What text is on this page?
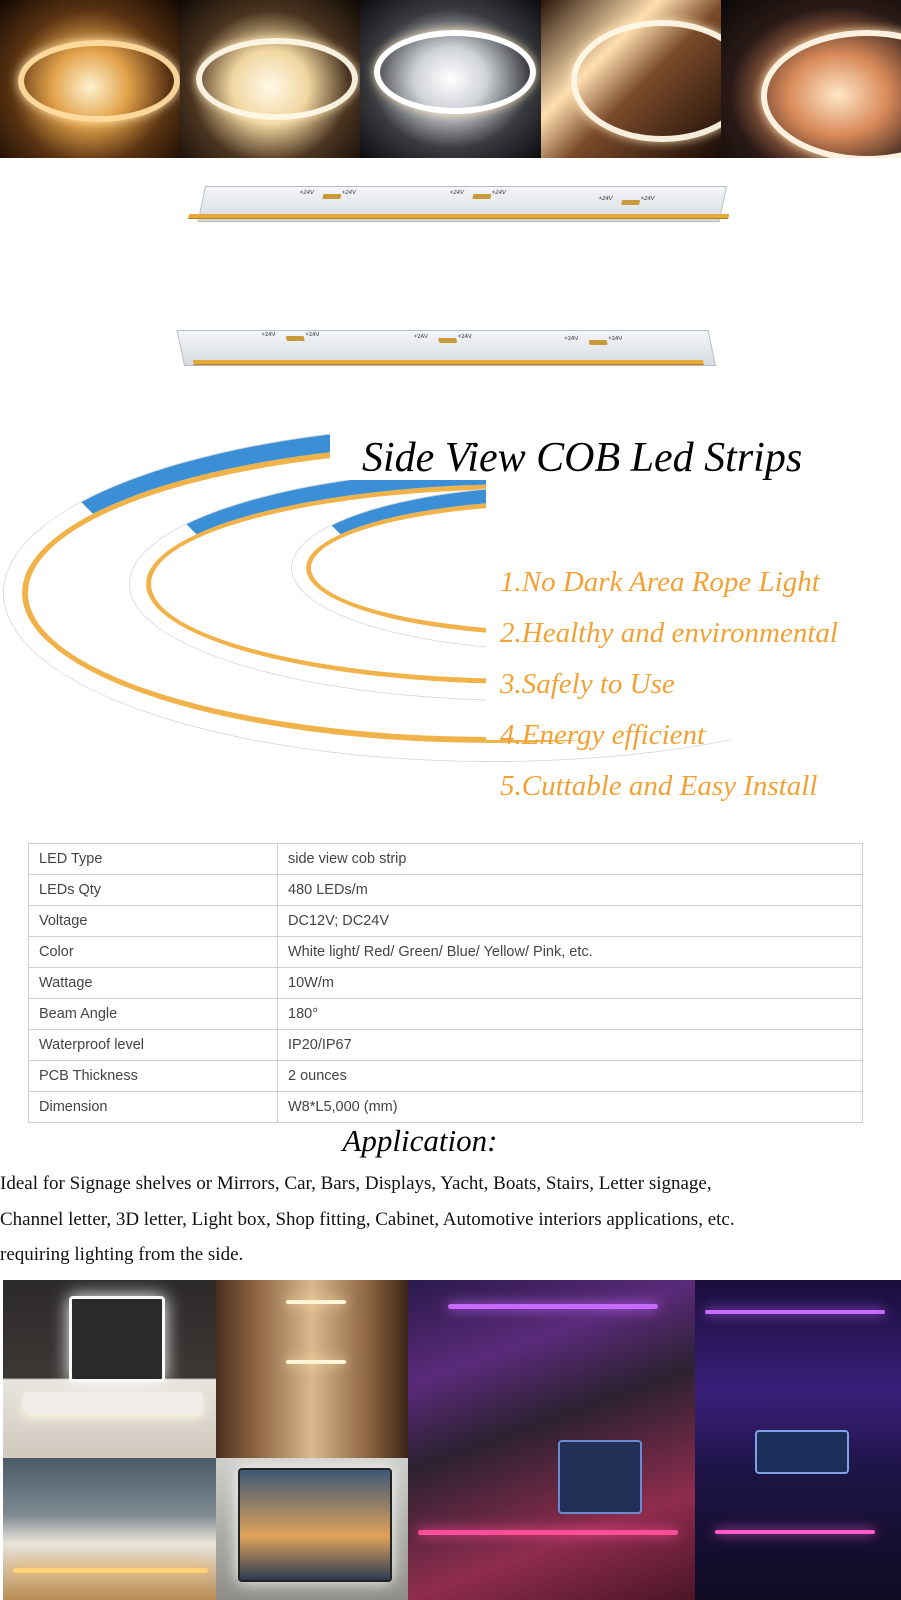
+24V	+24V	+24V	+24V
+24V	+24V
+24V	+24V	+24V	+24V	+24V	+24V
Side View COB Led Strips
1.No Dark Area Rope Light
2.Healthy and environmental
3.Safely to Use
4.Energy efficient
5.Cuttable and Easy Install
LED Type	side view cob strip
LEDs Qty	480 LEDs/m
Voltage	DC12V; DC24V
Color	White light/ Red/ Green/ Blue/ Yellow/ Pink, etc.
Wattage	10W/m
Beam Angle	180°
Waterproof level	IP20/IP67
PCB Thickness	2 ounces
Dimension	W8*L5,000 (mm)
Application:
Ideal for Signage shelves or Mirrors, Car, Bars, Displays, Yacht, Boats, Stairs, Letter signage,
Channel letter, 3D letter, Light box, Shop fitting, Cabinet, Automotive interiors applications, etc.
requiring lighting from the side.
